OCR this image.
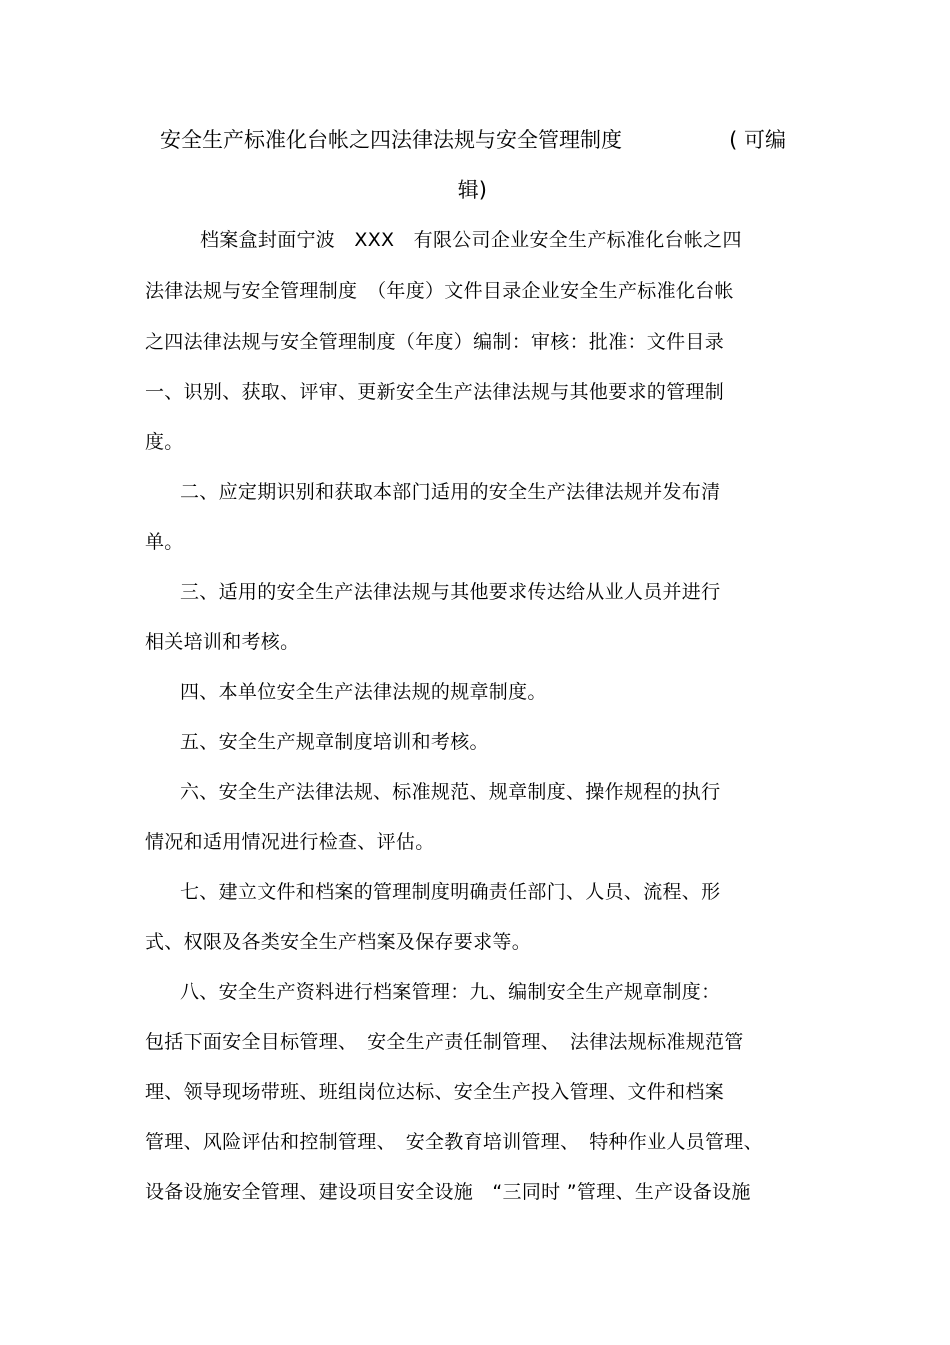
安全生产标准化台帐之四法律法规与安全管理制度	( 可编
辑)
档案盒封面宁波　XXX　有限公司企业安全生产标准化台帐之四
法律法规与安全管理制度　（年度）文件目录企业安全生产标准化台帐
之四法律法规与安全管理制度（年度）编制：审核：批准：文件目录
一、识别、获取、评审、更新安全生产法律法规与其他要求的管理制
度。
二、应定期识别和获取本部门适用的安全生产法律法规并发布清
单。
三、适用的安全生产法律法规与其他要求传达给从业人员并进行
相关培训和考核。
四、本单位安全生产法律法规的规章制度。
五、安全生产规章制度培训和考核。
六、安全生产法律法规、标准规范、规章制度、操作规程的执行
情况和适用情况进行检查、评估。
七、建立文件和档案的管理制度明确责任部门、人员、流程、形
式、权限及各类安全生产档案及保存要求等。
八、安全生产资料进行档案管理：九、编制安全生产规章制度：
包括下面安全目标管理、　安全生产责任制管理、　法律法规标准规范管
理、领导现场带班、班组岗位达标、安全生产投入管理、文件和档案
管理、风险评估和控制管理、　安全教育培训管理、　特种作业人员管理、
设备设施安全管理、建设项目安全设施　“三同时 ”管理、生产设备设施
